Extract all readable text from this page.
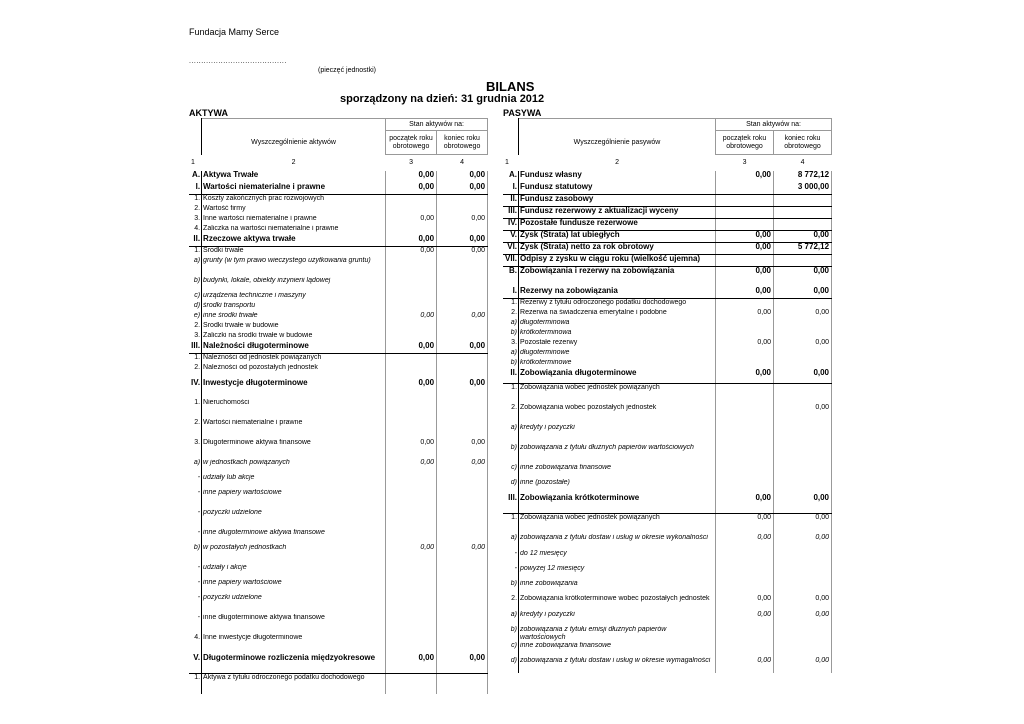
Fundacja Mamy Serce
........................................
(pieczęć jednostki)
BILANS
sporządzony na dzień: 31 grudnia 2012
AKTYWA	PASYWA
		Stan aktywów na:	
	Wyszczególnienie aktywów	początek roku obrotowego	koniec roku obrotowego
1	2	3	4
A.	Aktywa Trwałe	0,00	0,00
I.	Wartości niematerialne i prawne	0,00	0,00
1.	Koszty zakończnych prac rozwojowych		
2.	Wartość firmy		
3.	Inne wartości niematerialne i prawne	0,00	0,00
4.	Zaliczka na wartości niematerialne i prawne		
II.	Rzeczowe aktywa trwałe	0,00	0,00
1.	Środki trwałe	0,00	0,00
a)	grunty (w tym prawo wieczystego użytkowania gruntu)		
b)	budynki, lokale, obiekty inżynierii lądowej		
c)	urządzenia techniczne i maszyny		
d)	środki transportu		
e)	inne środki trwałe	0,00	0,00
2.	Środki trwałe w budowie		
3.	Zaliczki na środki trwałe w budowie		
III.	Należności długoterminowe	0,00	0,00
1.	Należności od jednostek powiązanych		
2.	Należności od pozostałych jednostek		
IV.	Inwestycje długoterminowe	0,00	0,00
1.	Nieruchomości		
2.	Wartości niematerialne i prawne		
3.	Długoterminowe aktywa finansowe	0,00	0,00
a)	w jednostkach powiązanych	0,00	0,00
-	udziały lub akcje		
-	inne papiery wartościowe		
-	pożyczki udzielone		
-	inne długoterminowe aktywa finansowe		
b)	w pozostałych jednostkach	0,00	0,00
-	udziały i akcje		
-	inne papiery wartościowe		
-	pożyczki udzielone		
-	inne długoterminowe aktywa finansowe		
4.	Inne inwestycje długoterminowe		
V.	Długoterminowe rozliczenia międzyokresowe	0,00	0,00
1.	Aktywa z tytułu odroczonego podatku dochodowego		
		Stan aktywów na:	
	Wyszczególnienie pasywów	początek roku obrotowego	koniec roku obrotowego
1	2	3	4
A.	Fundusz własny	0,00	8 772,12
I.	Fundusz statutowy		3 000,00
II.	Fundusz zasobowy		
III.	Fundusz rezerwowy z aktualizacji wyceny		
IV.	Pozostałe fundusze rezerwowe		
V.	Zysk (Strata) lat ubiegłych	0,00	0,00
VI.	Zysk (Strata) netto za rok obrotowy	0,00	5 772,12
VII.	Odpisy z zysku w ciągu roku (wielkość ujemna)		
B.	Zobowiązania i rezerwy na zobowiązania	0,00	0,00
I.	Rezerwy na zobowiązania	0,00	0,00
1.	Rezerwy z tytułu odroczonego podatku dochodowego		
2.	Rezerwa na świadczenia emerytalne i podobne	0,00	0,00
a)	długoterminowa		
b)	krótkoterminowa		
3.	Pozostałe rezerwy	0,00	0,00
a)	długoterminowe		
b)	krótkoterminowe		
II.	Zobowiązania długoterminowe	0,00	0,00
1.	Zobowiązania wobec jednostek powiązanych		
2.	Zobowiązania wobec pozostałych jednostek		0,00
a)	kredyty i pożyczki		
b)	zobowiązania z tytułu dłużnych papierów wartościowych		
c)	inne zobowiązania finansowe		
d)	inne (pozostałe)		
III.	Zobowiązania krótkoterminowe	0,00	0,00
1.	Zobowiązania wobec jednostek powiązanych	0,00	0,00
a)	zobowiązania z tytułu dostaw i usług w okresie wykonalności	0,00	0,00
-	do 12 miesięcy		
-	powyżej 12 miesięcy		
b)	inne zobowiązania		
2.	Zobowiązania krótkoterminowe wobec pozostałych jednostek	0,00	0,00
a)	kredyty i pożyczki	0,00	0,00
b)	zobowiązania z tytułu emisji dłużnych papierów wartościowych		
c)	inne zobowiązania finansowe		
d)	zobowiązania z tytułu dostaw i usług w okresie wymagalności	0,00	0,00
